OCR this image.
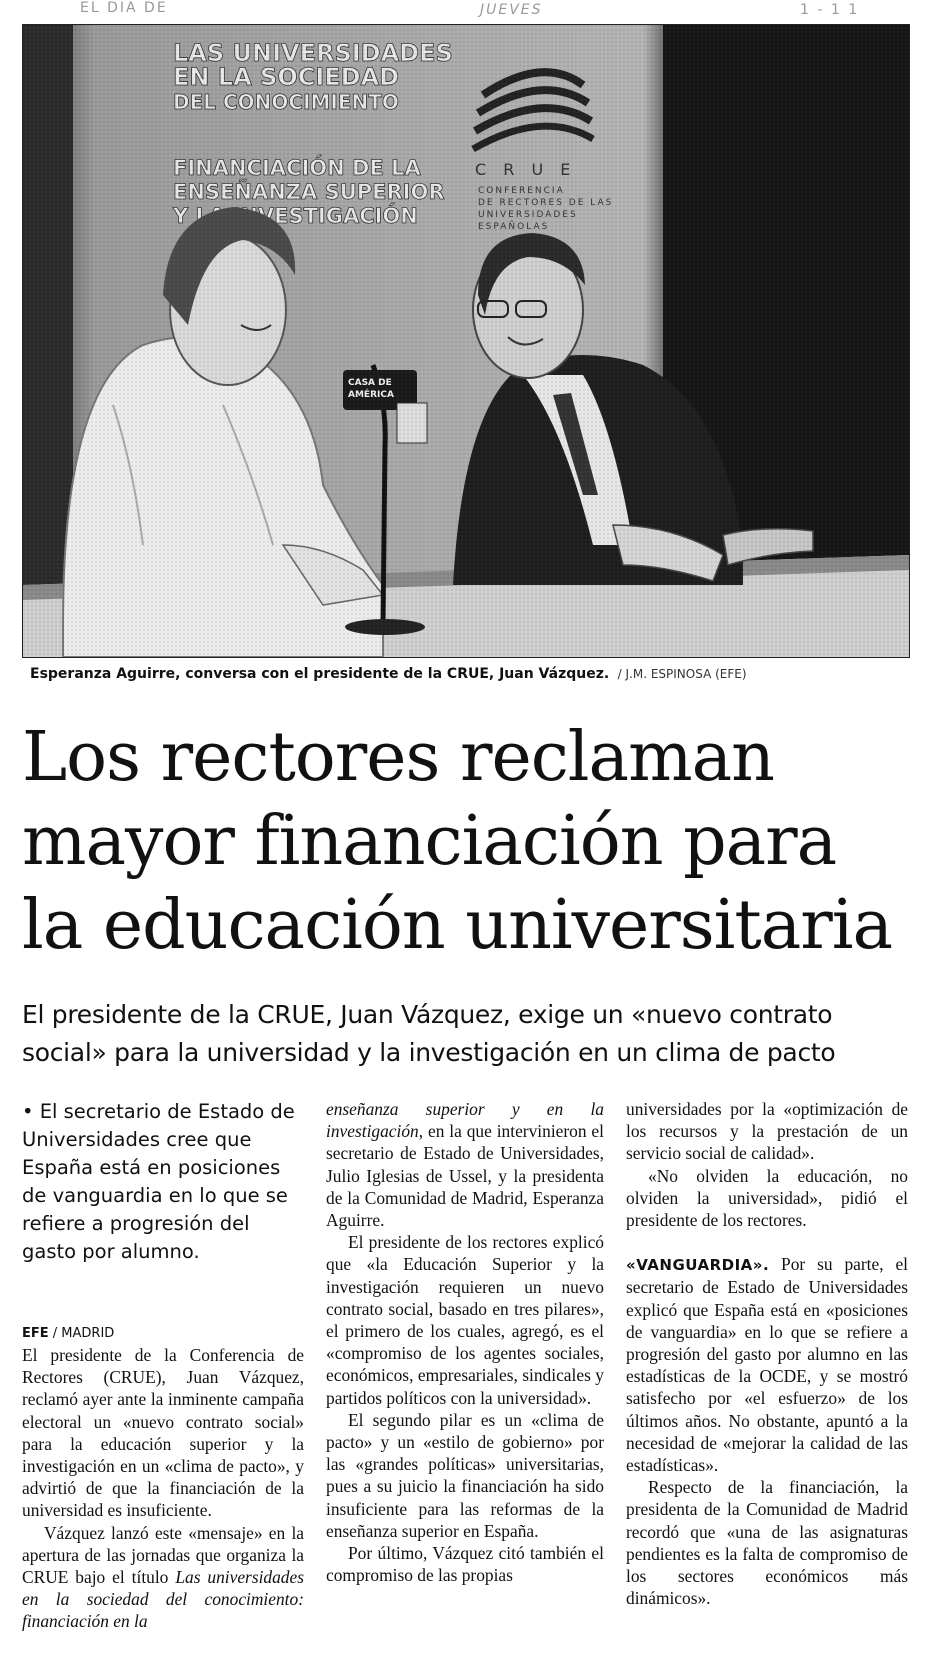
EL DIA DE	JUEVES	1 - 1 1
Esperanza Aguirre, conversa con el presidente de la CRUE, Juan Vázquez. / J.M. ESPINOSA (EFE)
Los rectores reclaman
mayor financiación para
la educación universitaria
El presidente de la CRUE, Juan Vázquez, exige un «nuevo contrato
social» para la universidad y la investigación en un clima de pacto

• El secretario de Estado de Universidades cree que España está en posiciones de vanguardia en lo que se refiere a progresión del gasto por alumno.

EFE / MADRID

El presidente de la Conferencia de Rectores (CRUE), Juan Vázquez, reclamó ayer ante la inminente campaña electoral un «nuevo contrato social» para la educación superior y la investigación en un «clima de pacto», y advirtió de que la financiación de la universidad es insuficiente.

Vázquez lanzó este «mensaje» en la apertura de las jornadas que organiza la CRUE bajo el título Las universidades en la sociedad del conocimiento: financiación en la

enseñanza superior y en la investigación, en la que intervinieron el secretario de Estado de Universidades, Julio Iglesias de Ussel, y la presidenta de la Comunidad de Madrid, Esperanza Aguirre.

El presidente de los rectores explicó que «la Educación Superior y la investigación requieren un nuevo contrato social, basado en tres pilares», el primero de los cuales, agregó, es el «compromiso de los agentes sociales, económicos, empresariales, sindicales y partidos políticos con la universidad».

El segundo pilar es un «clima de pacto» y un «estilo de gobierno» por las «grandes políticas» universitarias, pues a su juicio la financiación ha sido insuficiente para las reformas de la enseñanza superior en España.

Por último, Vázquez citó también el compromiso de las propias

universidades por la «optimización de los recursos y la prestación de un servicio social de calidad».

«No olviden la educación, no olviden la universidad», pidió el presidente de los rectores.

«VANGUARDIA». Por su parte, el secretario de Estado de Universidades explicó que España está en «posiciones de vanguardia» en lo que se refiere a progresión del gasto por alumno en las estadísticas de la OCDE, y se mostró satisfecho por «el esfuerzo» de los últimos años. No obstante, apuntó a la necesidad de «mejorar la calidad de las estadísticas».

Respecto de la financiación, la presidenta de la Comunidad de Madrid recordó que «una de las asignaturas pendientes es la falta de compromiso de los sectores económicos más dinámicos».
